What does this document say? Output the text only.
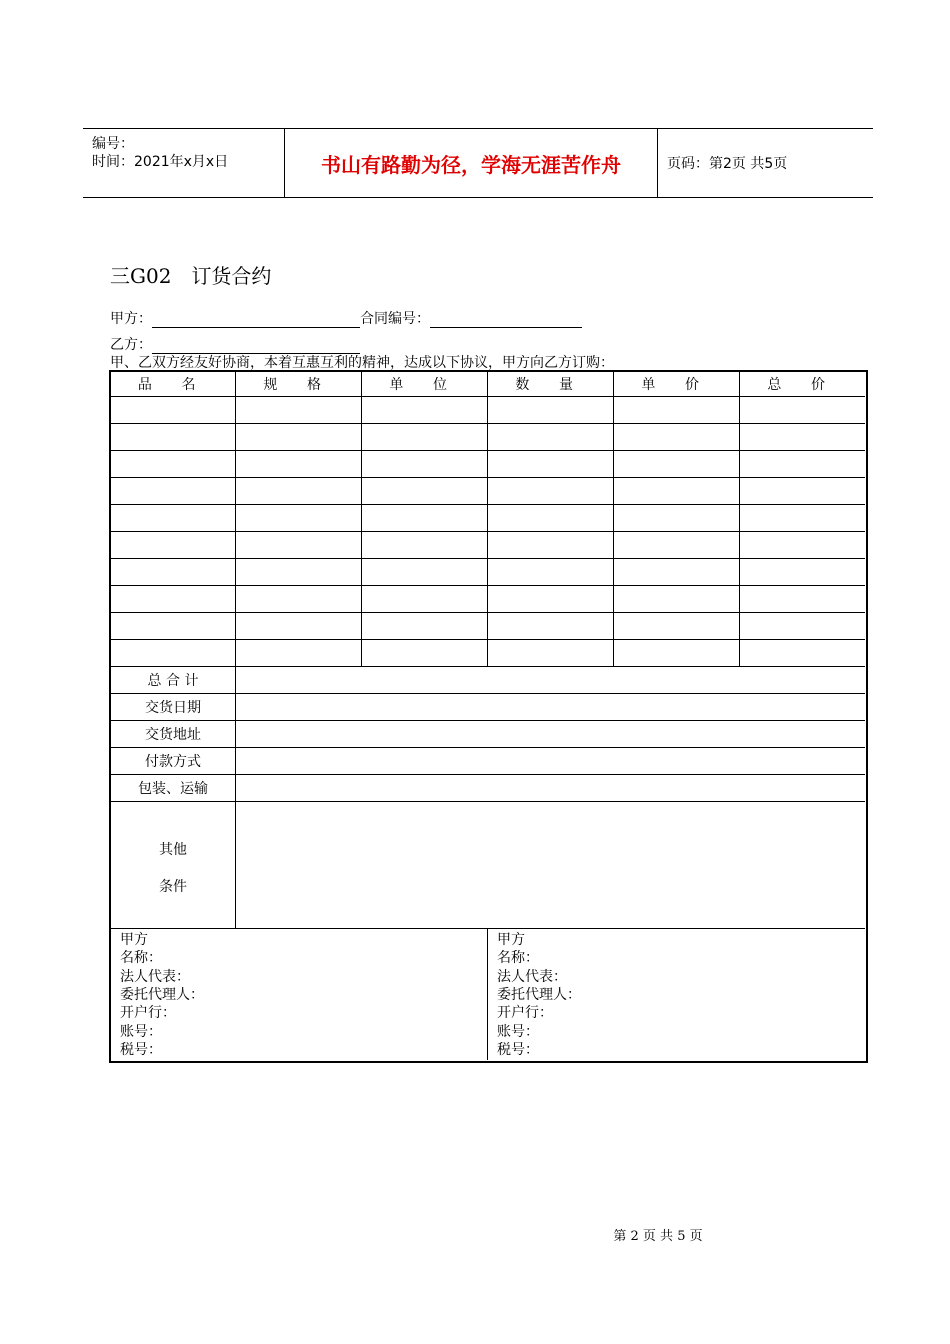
编号：
时间：2021年x月x日	书山有路勤为径，学海无涯苦作舟	页码：第2页 共5页
三G02 订货合约
甲方：	合同编号：
乙方：
甲、乙双方经友好协商，本着互惠互利的精神，达成以下协议，甲方向乙方订购：
品 名	规 格	单 位	数 量	单 价	总 价
总 合 计
交货日期
交货地址
付款方式
包装、运输
其他
条件
甲方
名称：
法人代表：
委托代理人：
开户行：
账号：
税号：
甲方
名称：
法人代表：
委托代理人：
开户行：
账号：
税号：
第 2 页 共 5 页
